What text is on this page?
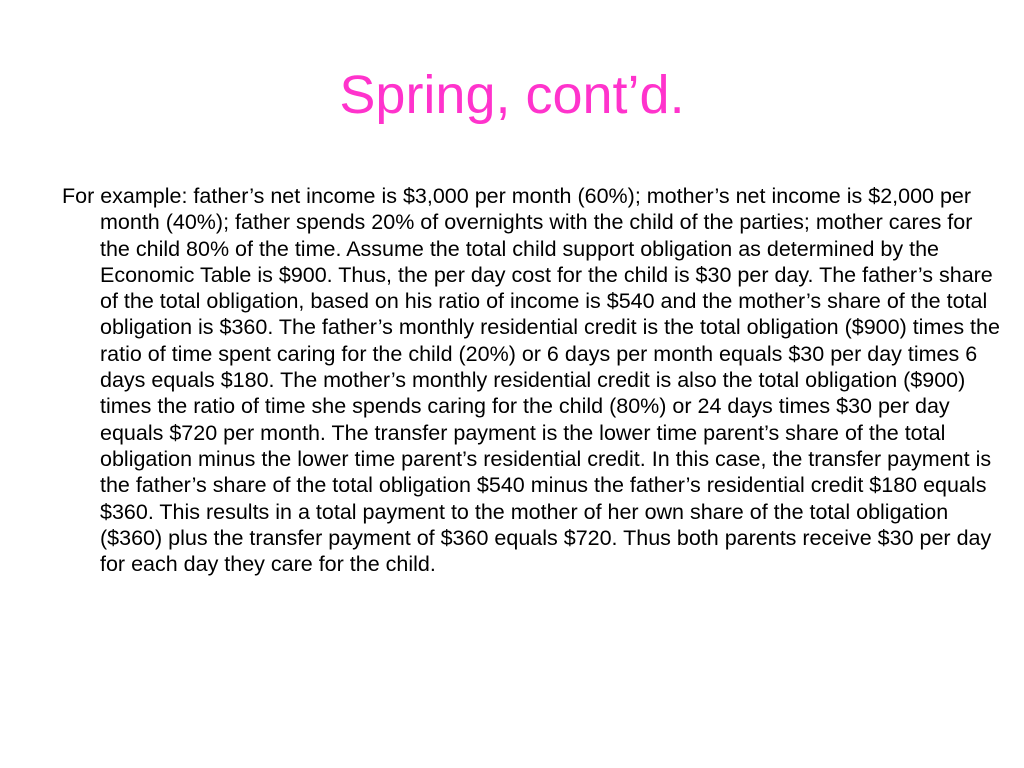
Spring, cont’d.

For example: father’s net income is $3,000 per month (60%); mother’s net income is $2,000 per month (40%); father spends 20% of overnights with the child of the parties; mother cares for the child 80% of the time. Assume the total child support obligation as determined by the Economic Table is $900. Thus, the per day cost for the child is $30 per day. The father’s share of the total obligation, based on his ratio of income is $540 and the mother’s share of the total obligation is $360. The father’s monthly residential credit is the total obligation ($900) times the ratio of time spent caring for the child (20%) or 6 days per month equals $30 per day times 6 days equals $180. The mother’s monthly residential credit is also the total obligation ($900) times the ratio of time she spends caring for the child (80%) or 24 days times $30 per day equals $720 per month. The transfer payment is the lower time parent’s share of the total obligation minus the lower time parent’s residential credit. In this case, the transfer payment is the father’s share of the total obligation $540 minus the father’s residential credit $180 equals $360. This results in a total payment to the mother of her own share of the total obligation ($360) plus the transfer payment of $360 equals $720. Thus both parents receive $30 per day for each day they care for the child.
